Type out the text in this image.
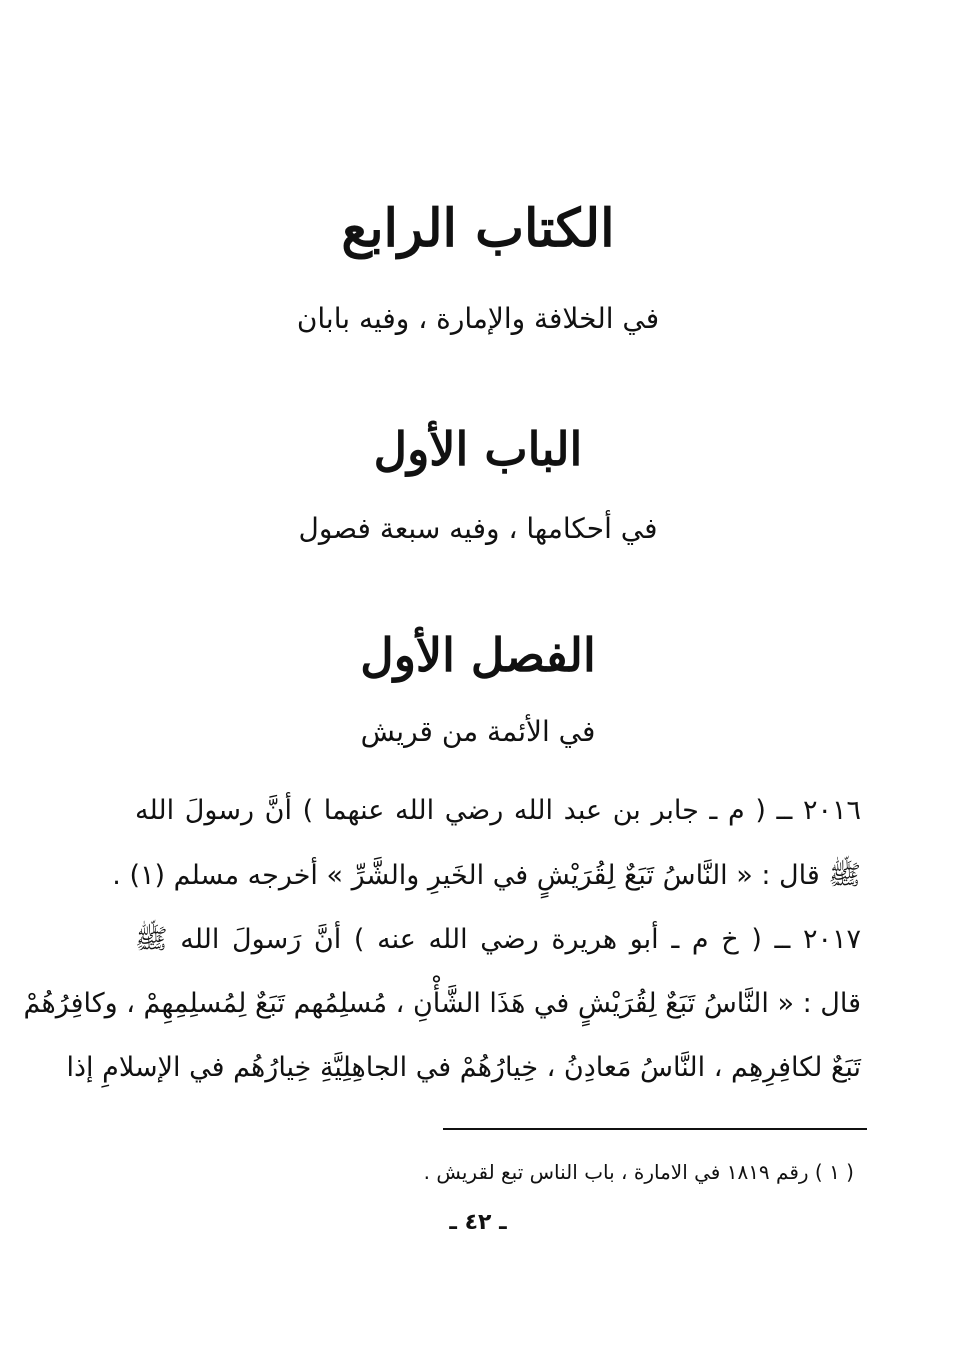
الكتاب الرابع
في الخلافة والإمارة ، وفيه بابان
الباب الأول
في أحكامها ، وفيه سبعة فصول
الفصل الأول
في الأئمة من قريش
٢٠١٦ ــ ( م ـ جابر بن عبد الله رضي الله عنهما ) أنَّ رسولَ الله
ﷺ قال : « النَّاسُ تَبَعٌ لِقُرَيْشٍ في الخَيرِ والشَّرِّ » أخرجه مسلم (١) .
٢٠١٧ ــ ( خ م ـ أبو هريرة رضي الله عنه ) أنَّ رَسولَ الله ﷺ
قال : « النَّاسُ تَبَعٌ لِقُرَيْشٍ في هَذَا الشَّأْنِ ، مُسلِمُهم تَبَعٌ لِمُسلِمِهِمْ ، وكافِرُهُمْ
تَبَعٌ لكافِرِهِم ، النَّاسُ مَعادِنُ ، خِيارُهُمْ في الجاهِلِيَّةِ خِيارُهُم في الإسلامِ إذا
( ١ ) رقم ١٨١٩ في الامارة ، باب الناس تبع لقريش .
ـ ٤٢ ـ
